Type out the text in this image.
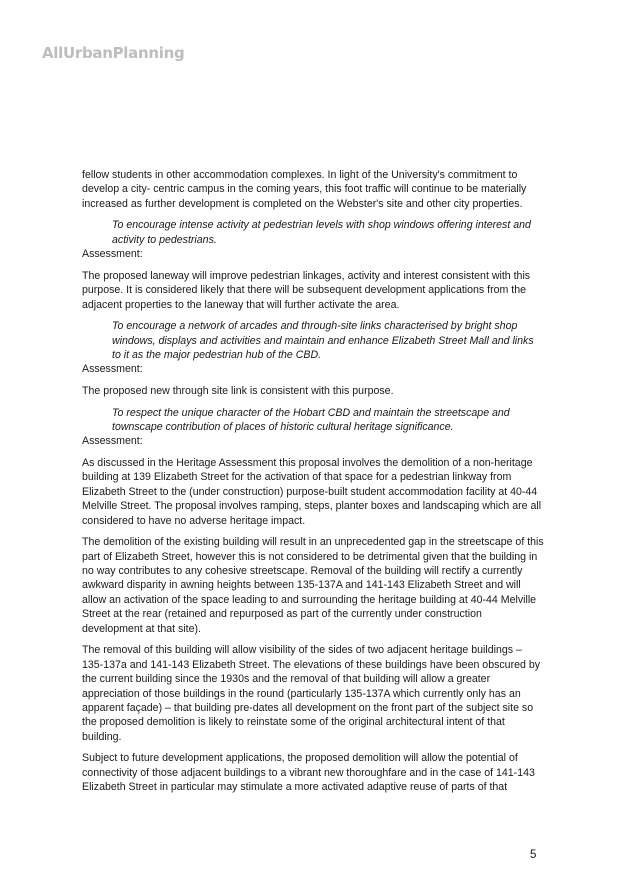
AllUrbanPlanning

fellow students in other accommodation complexes. In light of the University's commitment to develop a city- centric campus in the coming years, this foot traffic will continue to be materially increased as further development is completed on the Webster's site and other city properties.

To encourage intense activity at pedestrian levels with shop windows offering interest and activity to pedestrians.

Assessment:

The proposed laneway will improve pedestrian linkages, activity and interest consistent with this purpose. It is considered likely that there will be subsequent development applications from the adjacent properties to the laneway that will further activate the area.

To encourage a network of arcades and through-site links characterised by bright shop windows, displays and activities and maintain and enhance Elizabeth Street Mall and links to it as the major pedestrian hub of the CBD.

Assessment:

The proposed new through site link is consistent with this purpose.

To respect the unique character of the Hobart CBD and maintain the streetscape and townscape contribution of places of historic cultural heritage significance.

Assessment:

As discussed in the Heritage Assessment this proposal involves the demolition of a non-heritage building at 139 Elizabeth Street for the activation of that space for a pedestrian linkway from Elizabeth Street to the (under construction) purpose-built student accommodation facility at 40-44 Melville Street. The proposal involves ramping, steps, planter boxes and landscaping which are all considered to have no adverse heritage impact.

The demolition of the existing building will result in an unprecedented gap in the streetscape of this part of Elizabeth Street, however this is not considered to be detrimental given that the building in no way contributes to any cohesive streetscape. Removal of the building will rectify a currently awkward disparity in awning heights between 135-137A and 141-143 Elizabeth Street and will allow an activation of the space leading to and surrounding the heritage building at 40-44 Melville Street at the rear (retained and repurposed as part of the currently under construction development at that site).

The removal of this building will allow visibility of the sides of two adjacent heritage buildings – 135-137a and 141-143 Elizabeth Street. The elevations of these buildings have been obscured by the current building since the 1930s and the removal of that building will allow a greater appreciation of those buildings in the round (particularly 135-137A which currently only has an apparent façade) – that building pre-dates all development on the front part of the subject site so the proposed demolition is likely to reinstate some of the original architectural intent of that building.

Subject to future development applications, the proposed demolition will allow the potential of connectivity of those adjacent buildings to a vibrant new thoroughfare and in the case of 141-143 Elizabeth Street in particular may stimulate a more activated adaptive reuse of parts of that

5
